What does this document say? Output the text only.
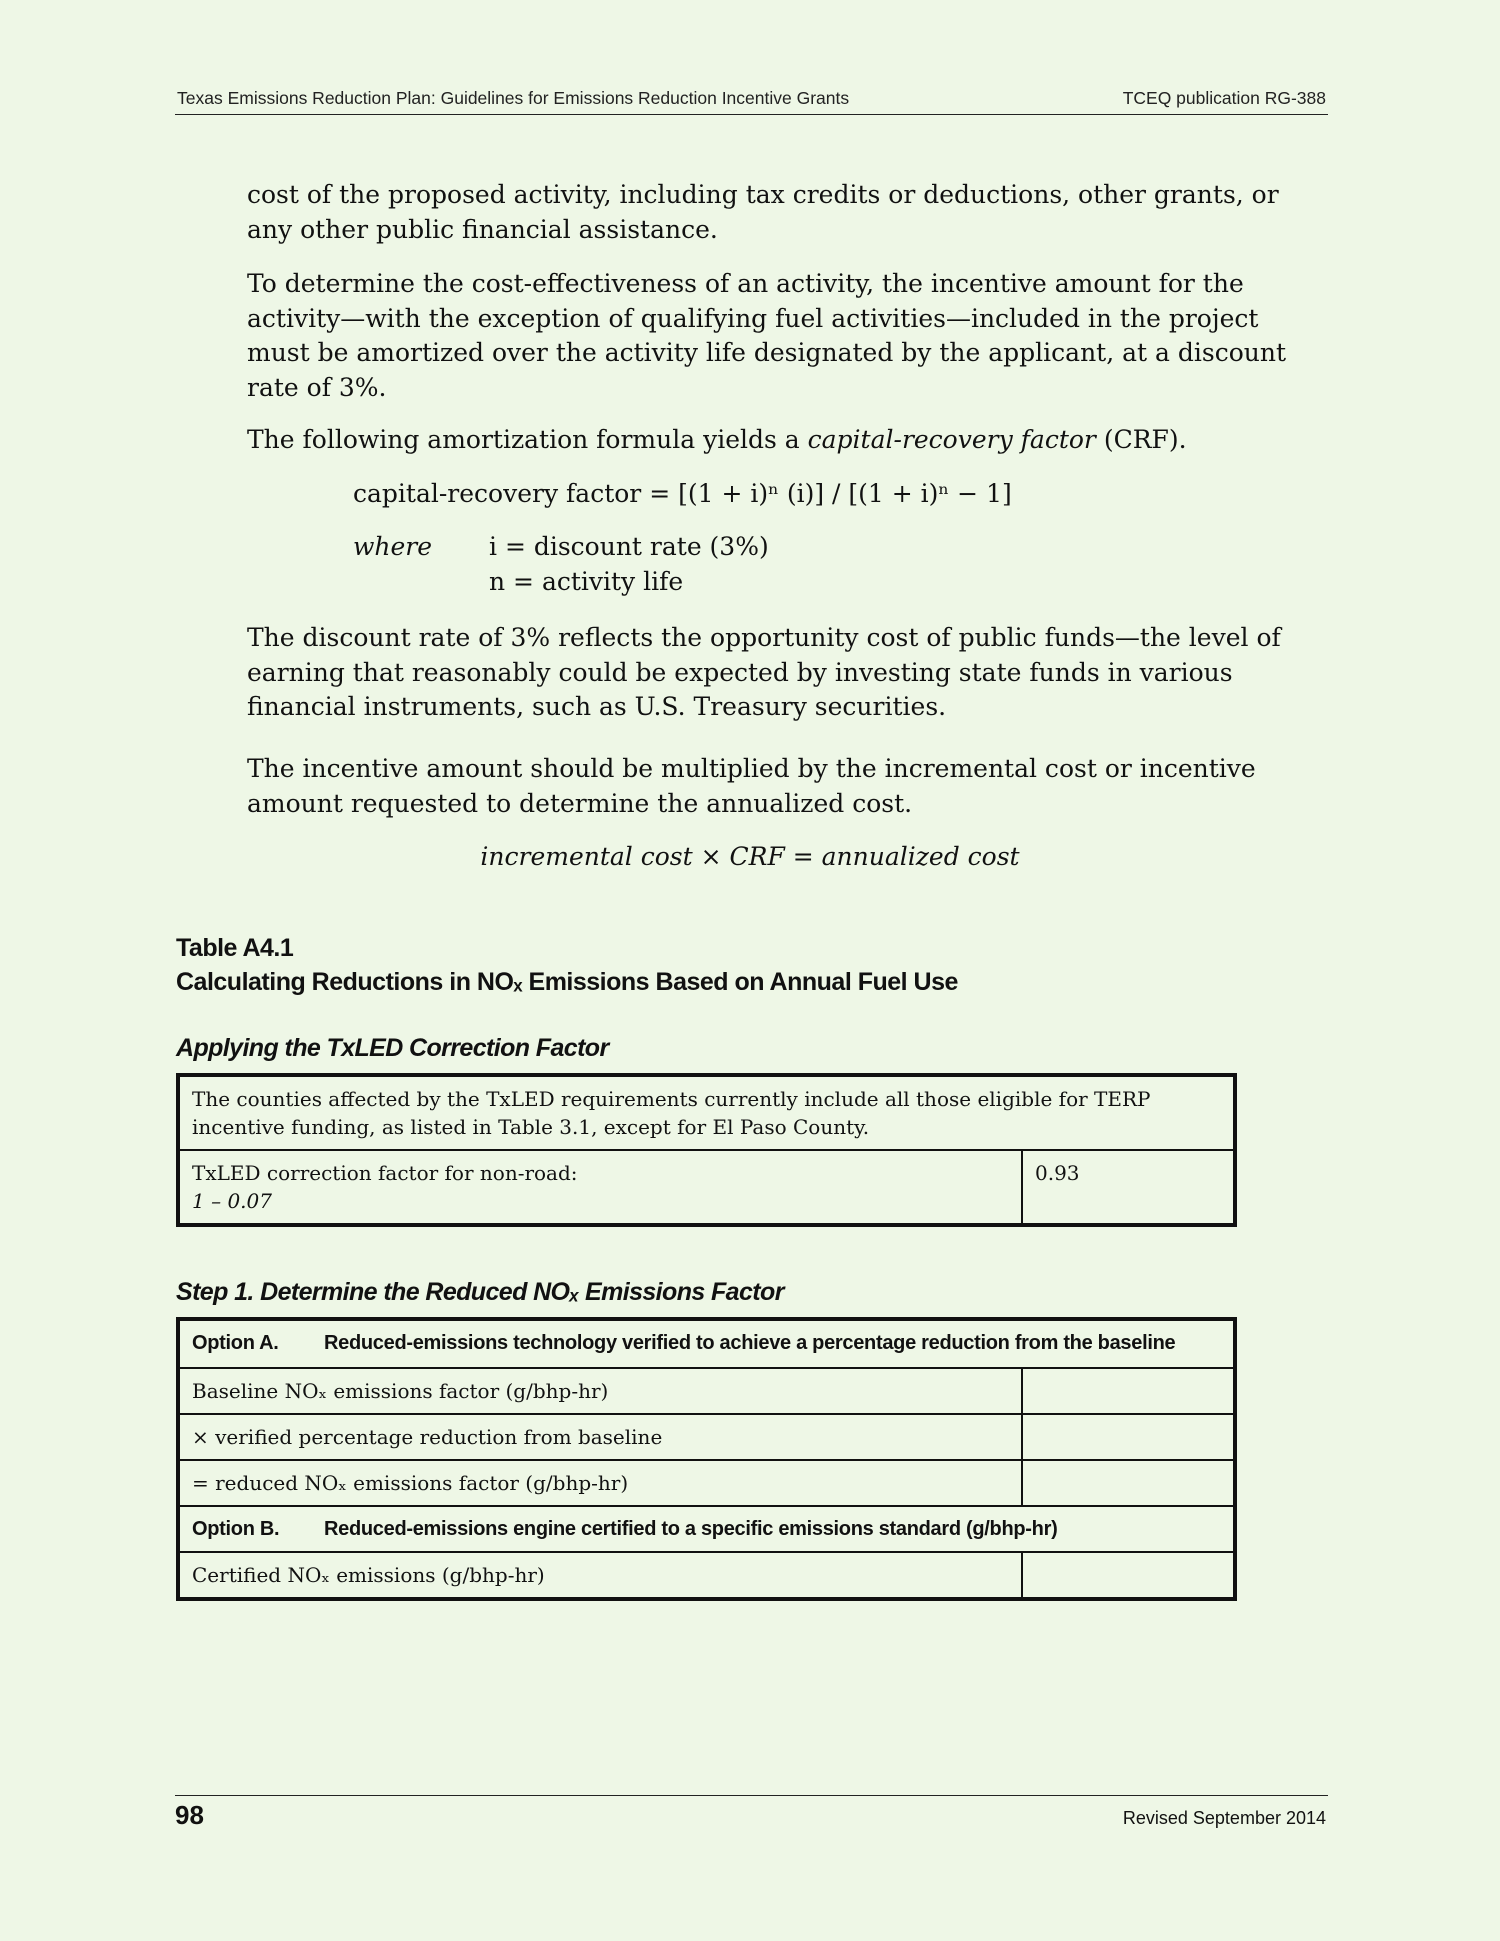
Texas Emissions Reduction Plan: Guidelines for Emissions Reduction Incentive Grants	TCEQ publication RG-388

cost of the proposed activity, including tax credits or deductions, other grants, or any other public financial assistance.

To determine the cost-effectiveness of an activity, the incentive amount for the activity—with the exception of qualifying fuel activities—included in the project must be amortized over the activity life designated by the applicant, at a discount rate of 3%.

The following amortization formula yields a capital-recovery factor (CRF).

capital-recovery factor = [(1 + i)ⁿ (i)] / [(1 + i)ⁿ − 1]
where i = discount rate (3%)
n = activity life

The discount rate of 3% reflects the opportunity cost of public funds—the level of earning that reasonably could be expected by investing state funds in various financial instruments, such as U.S. Treasury securities.

The incentive amount should be multiplied by the incremental cost or incentive amount requested to determine the annualized cost.

incremental cost × CRF = annualized cost
Table A4.1
Calculating Reductions in NOₓ Emissions Based on Annual Fuel Use
Applying the TxLED Correction Factor
The counties affected by the TxLED requirements currently include all those eligible for TERP incentive funding, as listed in Table 3.1, except for El Paso County.

TxLED correction factor for non-road:
1 – 0.07
	0.93
Step 1. Determine the Reduced NOₓ Emissions Factor
Option A. Reduced-emissions technology verified to achieve a percentage reduction from the baseline	
Baseline NOₓ emissions factor (g/bhp-hr)	
× verified percentage reduction from baseline	
= reduced NOₓ emissions factor (g/bhp-hr)	
Option B. Reduced-emissions engine certified to a specific emissions standard (g/bhp-hr)	
Certified NOₓ emissions (g/bhp-hr)	
98	Revised September 2014
